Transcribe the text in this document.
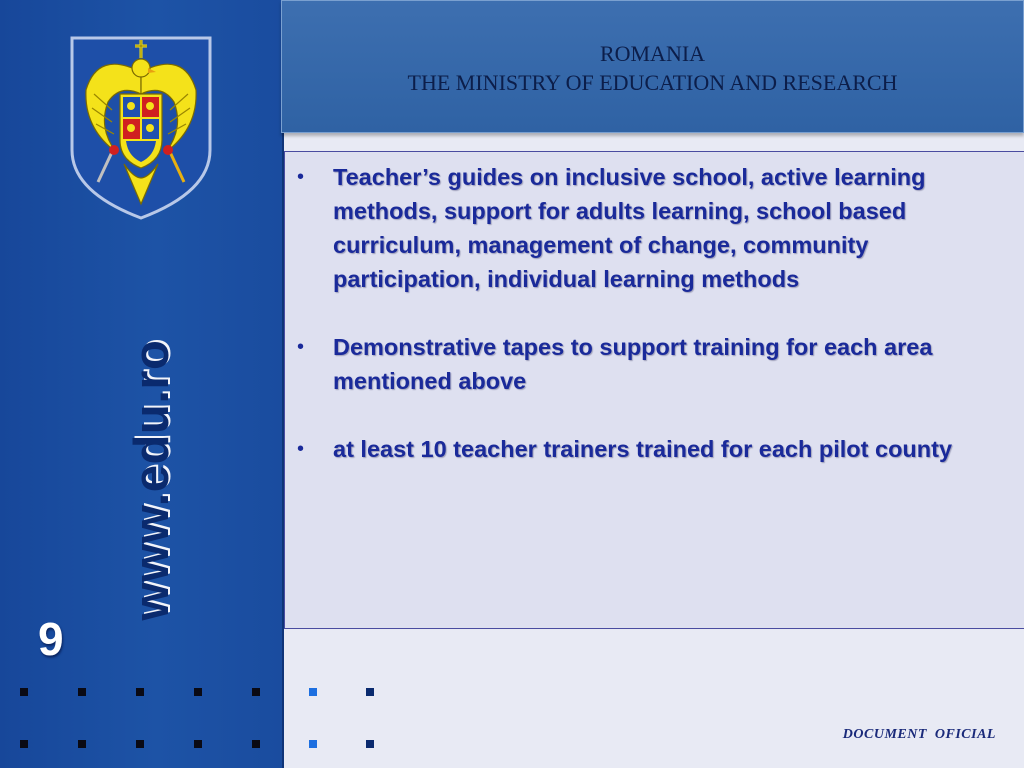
www.edu.ro
9
ROMANIA
THE MINISTRY OF EDUCATION AND RESEARCH
• Teacher’s guides on inclusive school, active learning methods, support for adults learning, school based curriculum, management of change, community participation, individual learning methods
• Demonstrative tapes to support training for each area mentioned above
• at least 10 teacher trainers trained for each pilot county
DOCUMENT  OFICIAL
